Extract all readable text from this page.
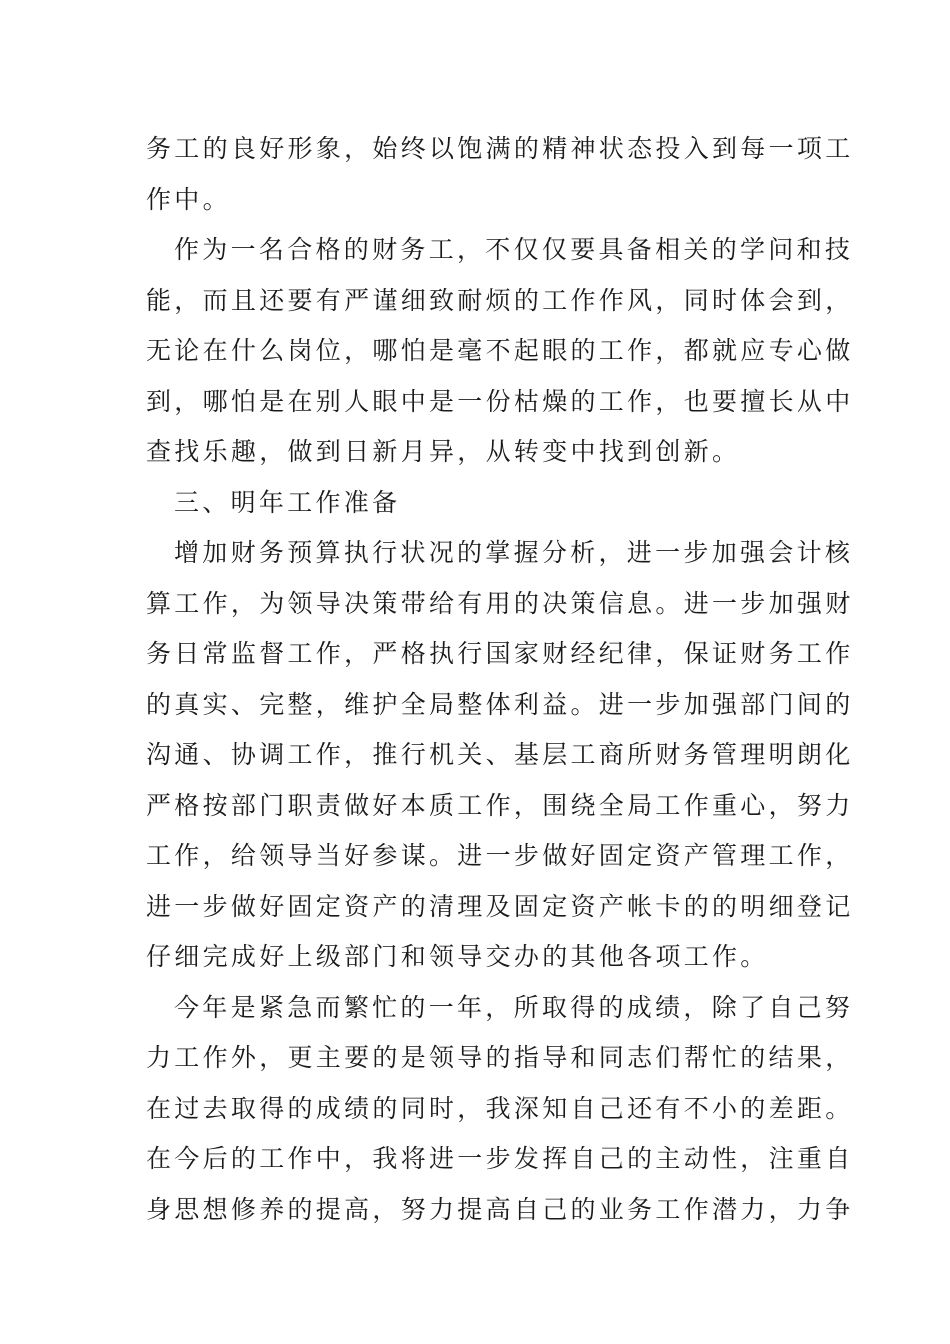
务工的良好形象，始终以饱满的精神状态投入到每一项工
作中。
作为一名合格的财务工，不仅仅要具备相关的学问和技
能，而且还要有严谨细致耐烦的工作作风，同时体会到，
无论在什么岗位，哪怕是毫不起眼的工作，都就应专心做
到，哪怕是在别人眼中是一份枯燥的工作，也要擅长从中
查找乐趣，做到日新月异，从转变中找到创新。
三、明年工作准备
增加财务预算执行状况的掌握分析，进一步加强会计核
算工作，为领导决策带给有用的决策信息。进一步加强财
务日常监督工作，严格执行国家财经纪律，保证财务工作
的真实、完整，维护全局整体利益。进一步加强部门间的
沟通、协调工作，推行机关、基层工商所财务管理明朗化
严格按部门职责做好本质工作，围绕全局工作重心，努力
工作，给领导当好参谋。进一步做好固定资产管理工作，
进一步做好固定资产的清理及固定资产帐卡的的明细登记
仔细完成好上级部门和领导交办的其他各项工作。
今年是紧急而繁忙的一年，所取得的成绩，除了自己努
力工作外，更主要的是领导的指导和同志们帮忙的结果，
在过去取得的成绩的同时，我深知自己还有不小的差距。
在今后的工作中，我将进一步发挥自己的主动性，注重自
身思想修养的提高，努力提高自己的业务工作潜力，力争
